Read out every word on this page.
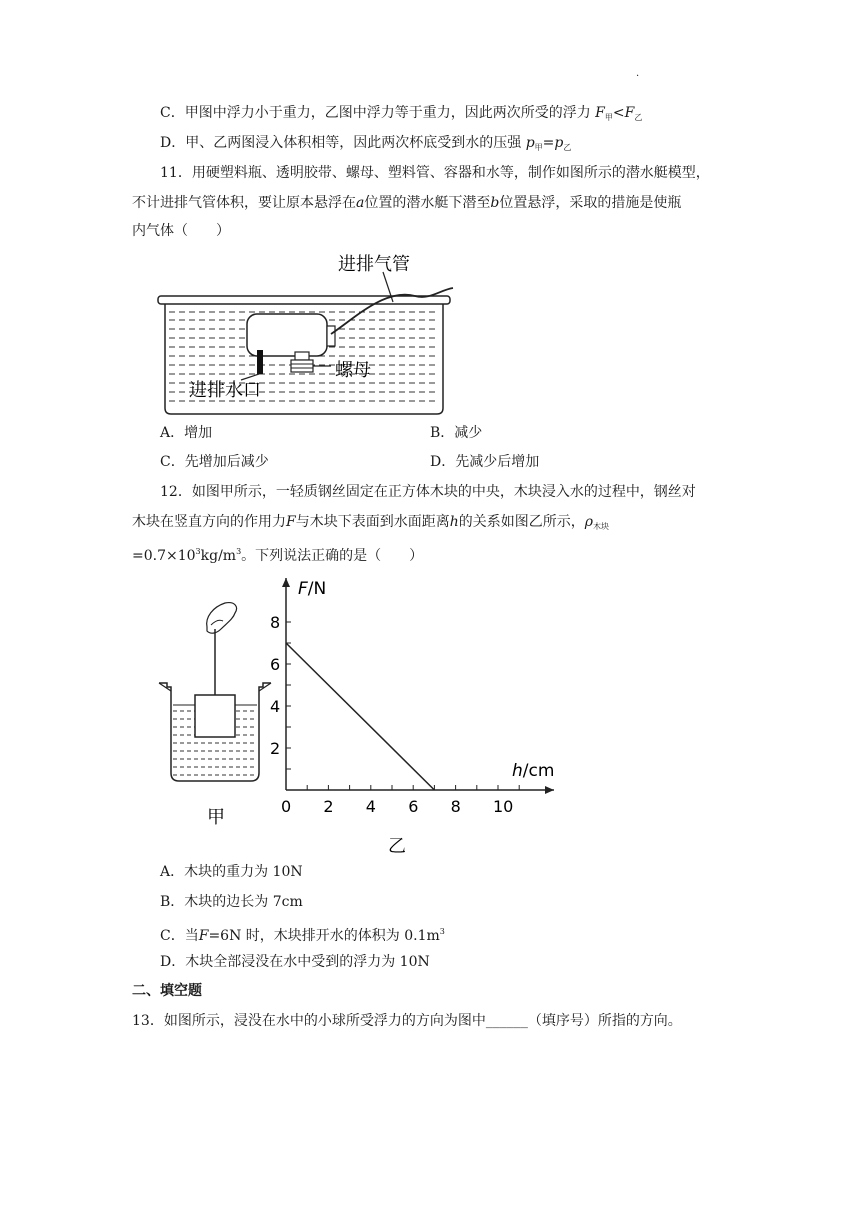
.
C．甲图中浮力小于重力，乙图中浮力等于重力，因此两次所受的浮力 $F_甲<F_乙$
D．甲、乙两图浸入体积相等，因此两次杯底受到水的压强 $p_甲=p_乙$
11．用硬塑料瓶、透明胶带、螺母、塑料管、容器和水等，制作如图所示的潜水艇模型，
不计进排气管体积，要让原本悬浮在a位置的潜水艇下潜至b位置悬浮，采取的措施是使瓶
内气体（　　）
进排气管
螺母
进排水口
A．增加	B．减少
C．先增加后减少	D．先减少后增加
12．如图甲所示，一轻质钢丝固定在正方体木块的中央，木块浸入水的过程中，钢丝对
木块在竖直方向的作用力F与木块下表面到水面距离h的关系如图乙所示，$\rho_{木块}$
$=0.7\times 10^3kg/m^3$。下列说法正确的是（　　）
甲
0 2 4 6 8 10
2
4
6
8
F/N
h/cm
乙
A．木块的重力为 10N
B．木块的边长为 7cm
C．当F=6N 时，木块排开水的体积为 $0.1m^3$
D．木块全部浸没在水中受到的浮力为 10N
二、填空题
13．如图所示，浸没在水中的小球所受浮力的方向为图中______（填序号）所指的方向。
